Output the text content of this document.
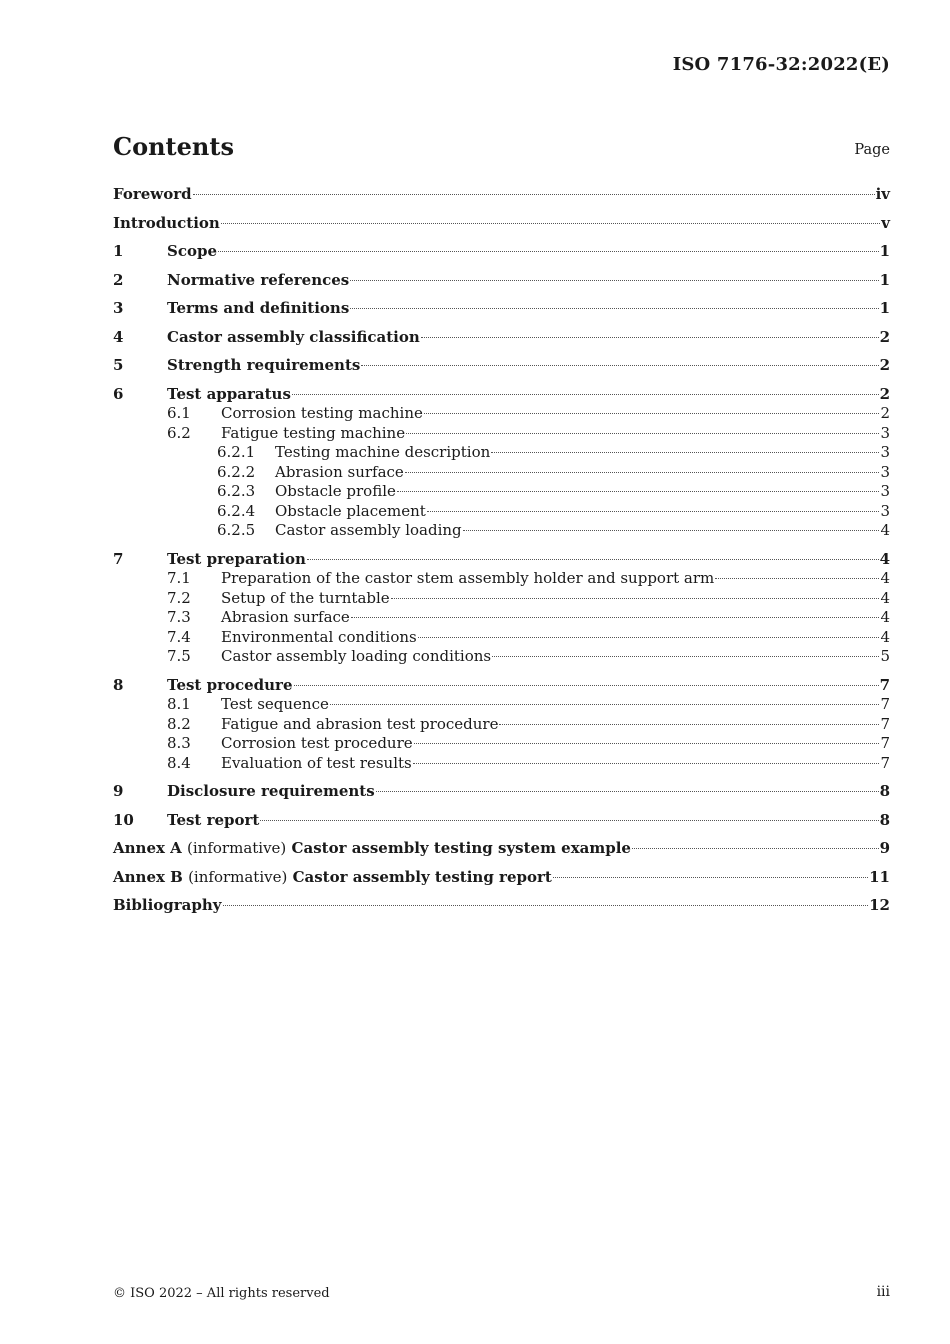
ISO 7176-32:2022(E)
Contents	Page
Foreword	iv
Introduction	v
1	Scope	1
2	Normative references	1
3	Terms and definitions	1
4	Castor assembly classification	2
5	Strength requirements	2
6	Test apparatus	2
6.1	Corrosion testing machine	2
6.2	Fatigue testing machine	3
6.2.1	Testing machine description	3
6.2.2	Abrasion surface	3
6.2.3	Obstacle profile	3
6.2.4	Obstacle placement	3
6.2.5	Castor assembly loading	4
7	Test preparation	4
7.1	Preparation of the castor stem assembly holder and support arm	4
7.2	Setup of the turntable	4
7.3	Abrasion surface	4
7.4	Environmental conditions	4
7.5	Castor assembly loading conditions	5
8	Test procedure	7
8.1	Test sequence	7
8.2	Fatigue and abrasion test procedure	7
8.3	Corrosion test procedure	7
8.4	Evaluation of test results	7
9	Disclosure requirements	8
10	Test report	8
Annex A (informative) Castor assembly testing system example	9
Annex B (informative) Castor assembly testing report	11
Bibliography	12
© ISO 2022 – All rights reserved	iii
